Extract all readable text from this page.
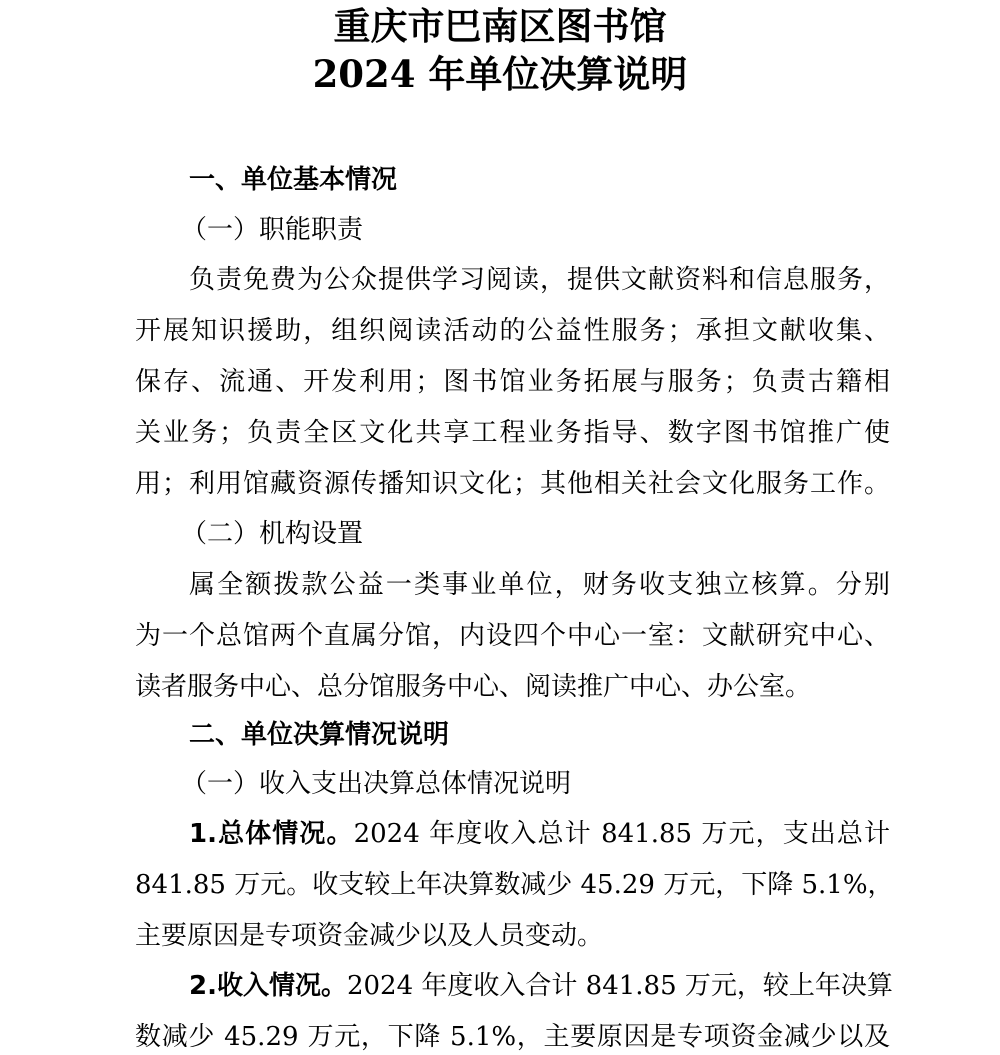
重庆市巴南区图书馆
2024 年单位决算说明
一、单位基本情况
（一）职能职责
负责免费为公众提供学习阅读，提供文献资料和信息服务，
开展知识援助，组织阅读活动的公益性服务；承担文献收集、
保存、流通、开发利用；图书馆业务拓展与服务；负责古籍相
关业务；负责全区文化共享工程业务指导、数字图书馆推广使
用；利用馆藏资源传播知识文化；其他相关社会文化服务工作。
（二）机构设置
属全额拨款公益一类事业单位，财务收支独立核算。分别
为一个总馆两个直属分馆，内设四个中心一室：文献研究中心、
读者服务中心、总分馆服务中心、阅读推广中心、办公室。
二、单位决算情况说明
（一）收入支出决算总体情况说明
1.总体情况。2024 年度收入总计 841.85 万元，支出总计
841.85 万元。收支较上年决算数减少 45.29 万元，下降 5.1%，
主要原因是专项资金减少以及人员变动。
2.收入情况。2024 年度收入合计 841.85 万元，较上年决算
数减少 45.29 万元，下降 5.1%，主要原因是专项资金减少以及
